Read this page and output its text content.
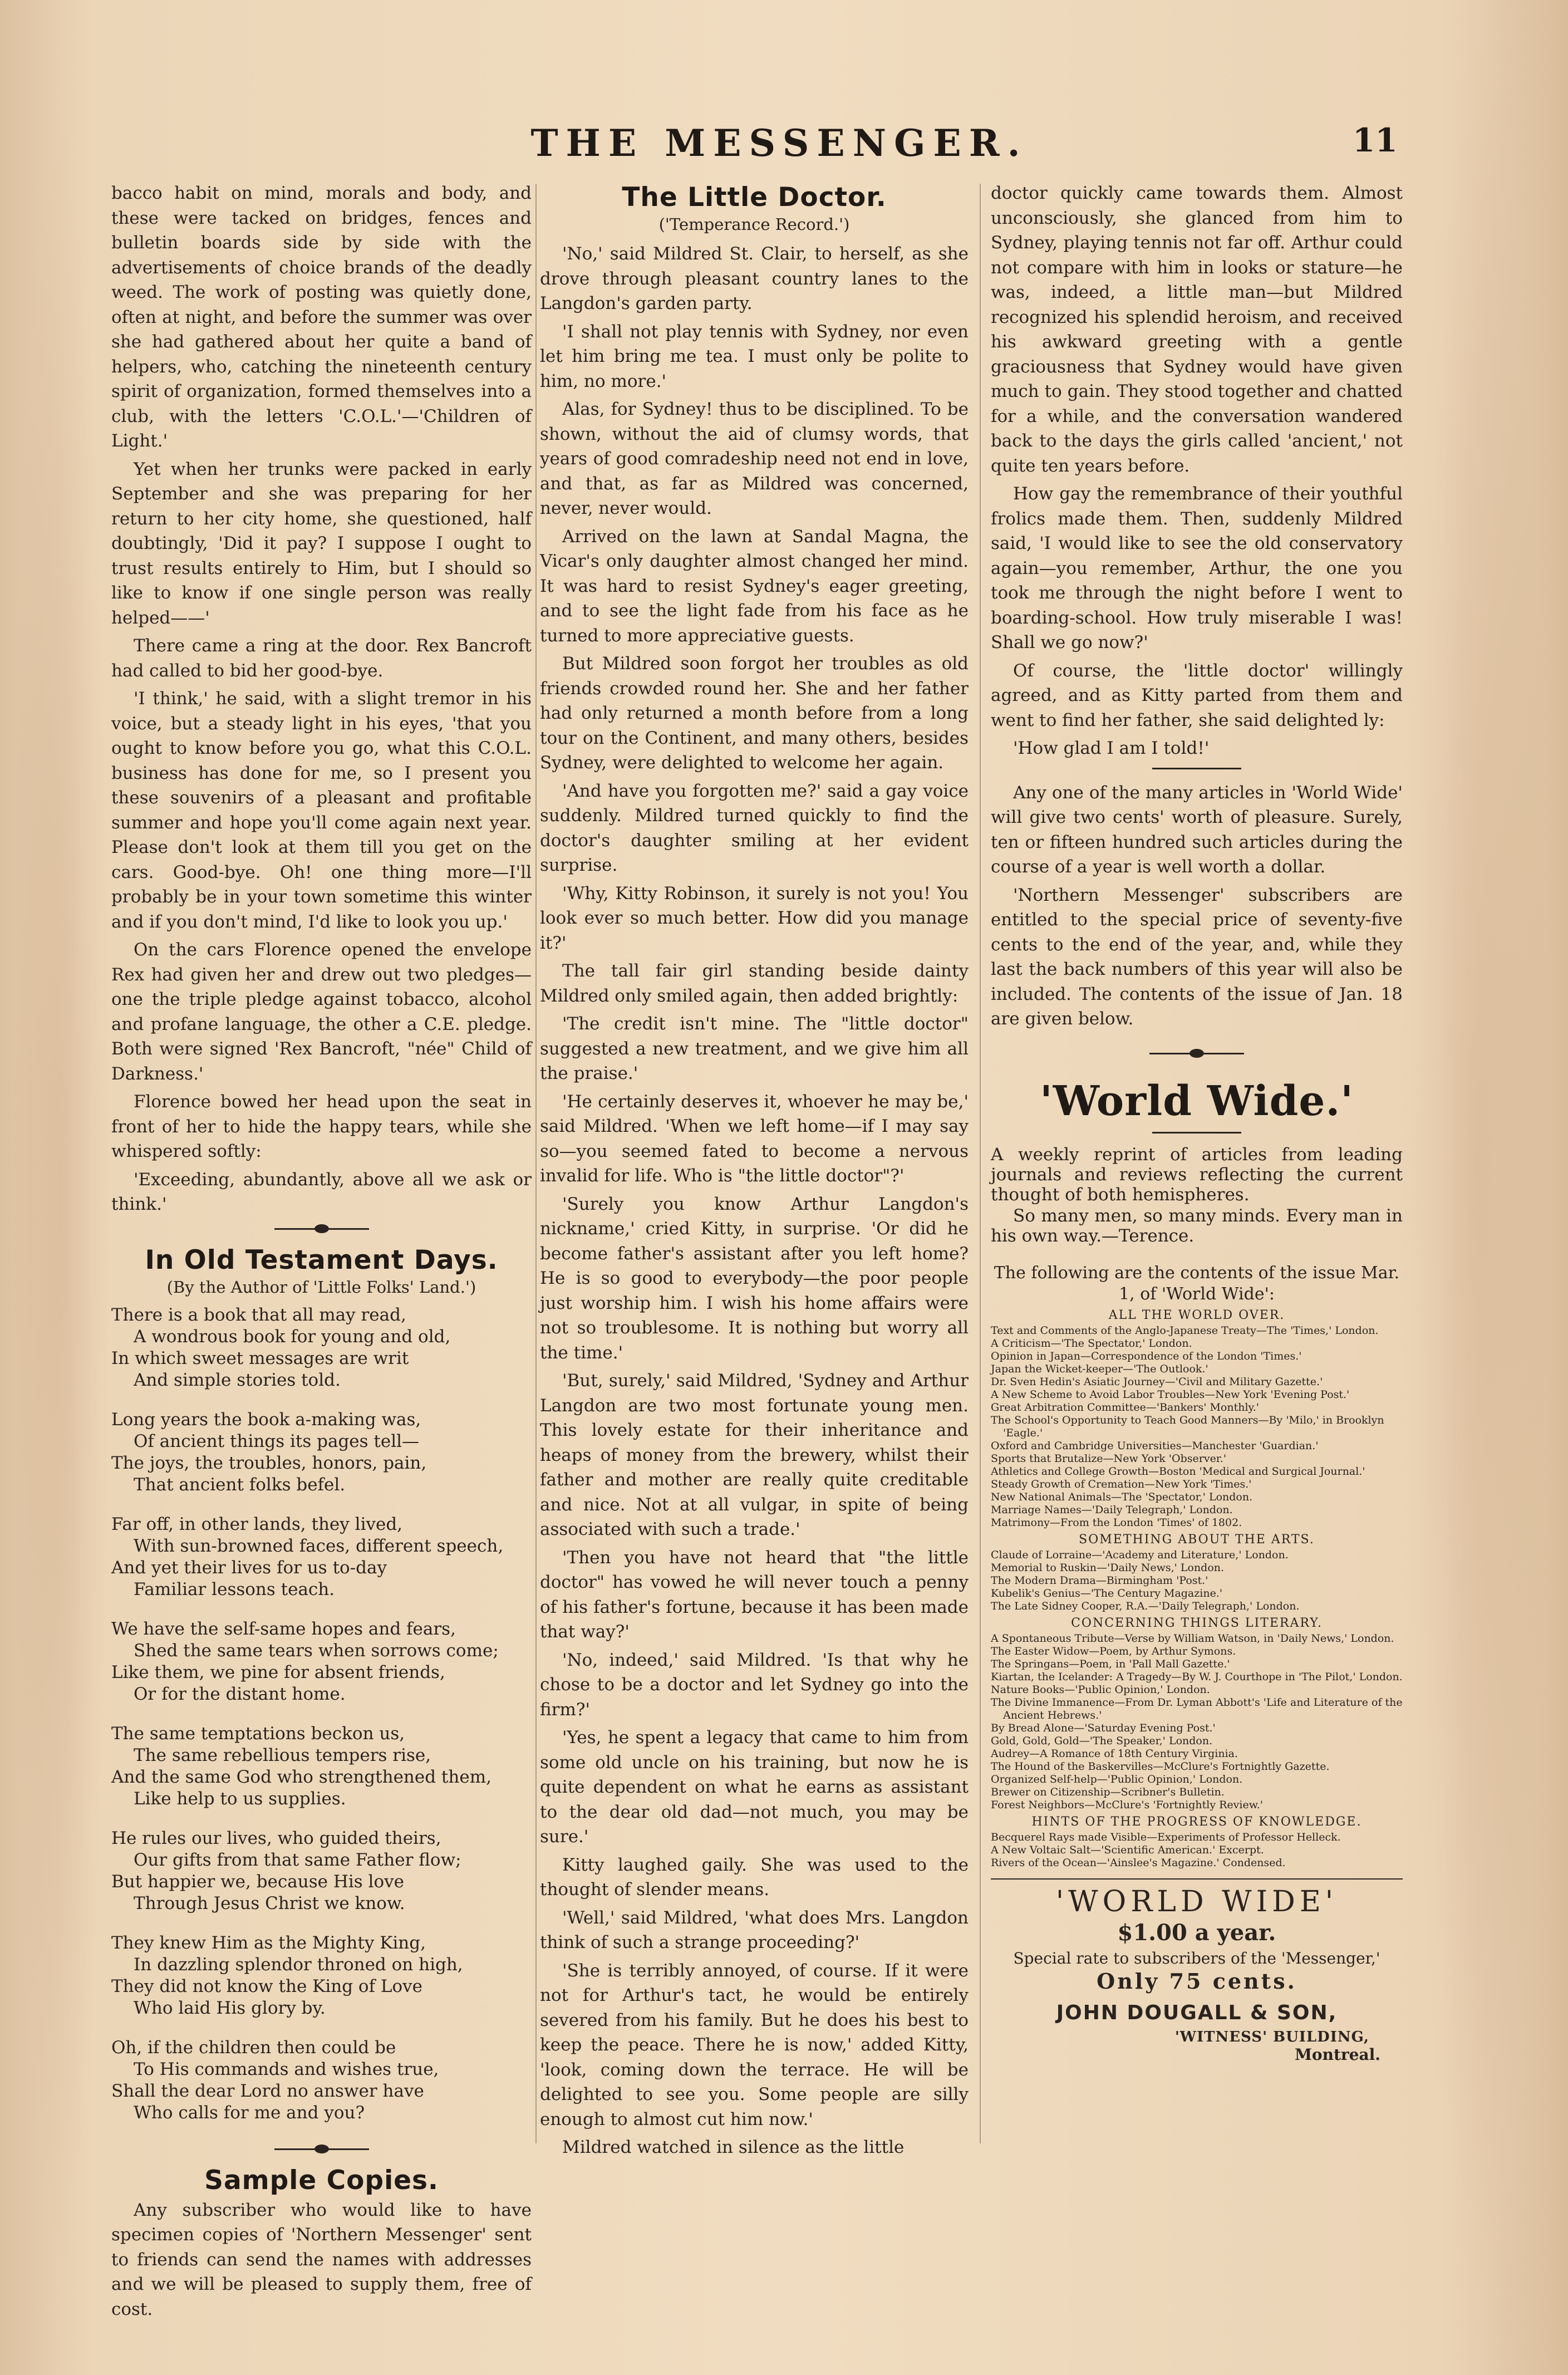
THE MESSENGER.	11

bacco habit on mind, morals and body, and these were tacked on bridges, fences and bulletin boards side by side with the advertisements of choice brands of the deadly weed. The work of posting was quietly done, often at night, and before the summer was over she had gathered about her quite a band of helpers, who, catching the nineteenth century spirit of organization, formed themselves into a club, with the letters 'C.O.L.'—'Children of Light.'

Yet when her trunks were packed in early September and she was preparing for her return to her city home, she questioned, half doubtingly, 'Did it pay? I suppose I ought to trust results entirely to Him, but I should so like to know if one single person was really helped——'

There came a ring at the door. Rex Bancroft had called to bid her good-bye.

'I think,' he said, with a slight tremor in his voice, but a steady light in his eyes, 'that you ought to know before you go, what this C.O.L. business has done for me, so I present you these souvenirs of a pleasant and profitable summer and hope you'll come again next year. Please don't look at them till you get on the cars. Good-bye. Oh! one thing more—I'll probably be in your town sometime this winter and if you don't mind, I'd like to look you up.'

On the cars Florence opened the envelope Rex had given her and drew out two pledges—one the triple pledge against tobacco, alcohol and profane language, the other a C.E. pledge. Both were signed 'Rex Bancroft, "née" Child of Darkness.'

Florence bowed her head upon the seat in front of her to hide the happy tears, while she whispered softly:

'Exceeding, abundantly, above all we ask or think.'

In Old Testament Days.
(By the Author of 'Little Folks' Land.')
There is a book that all may read,
A wondrous book for young and old,
In which sweet messages are writ
And simple stories told.
Long years the book a-making was,
Of ancient things its pages tell—
The joys, the troubles, honors, pain,
That ancient folks befel.
Far off, in other lands, they lived,
With sun-browned faces, different speech,
And yet their lives for us to-day
Familiar lessons teach.
We have the self-same hopes and fears,
Shed the same tears when sorrows come;
Like them, we pine for absent friends,
Or for the distant home.
The same temptations beckon us,
The same rebellious tempers rise,
And the same God who strengthened them,
Like help to us supplies.
He rules our lives, who guided theirs,
Our gifts from that same Father flow;
But happier we, because His love
Through Jesus Christ we know.
They knew Him as the Mighty King,
In dazzling splendor throned on high,
They did not know the King of Love
Who laid His glory by.
Oh, if the children then could be
To His commands and wishes true,
Shall the dear Lord no answer have
Who calls for me and you?
Sample Copies.

Any subscriber who would like to have specimen copies of 'Northern Messenger' sent to friends can send the names with addresses and we will be pleased to supply them, free of cost.

The Little Doctor.
('Temperance Record.')

'No,' said Mildred St. Clair, to herself, as she drove through pleasant country lanes to the Langdon's garden party.

'I shall not play tennis with Sydney, nor even let him bring me tea. I must only be polite to him, no more.'

Alas, for Sydney! thus to be disciplined. To be shown, without the aid of clumsy words, that years of good comradeship need not end in love, and that, as far as Mildred was concerned, never, never would.

Arrived on the lawn at Sandal Magna, the Vicar's only daughter almost changed her mind. It was hard to resist Sydney's eager greeting, and to see the light fade from his face as he turned to more appreciative guests.

But Mildred soon forgot her troubles as old friends crowded round her. She and her father had only returned a month before from a long tour on the Continent, and many others, besides Sydney, were delighted to welcome her again.

'And have you forgotten me?' said a gay voice suddenly. Mildred turned quickly to find the doctor's daughter smiling at her evident surprise.

'Why, Kitty Robinson, it surely is not you! You look ever so much better. How did you manage it?'

The tall fair girl standing beside dainty Mildred only smiled again, then added brightly:

'The credit isn't mine. The "little doctor" suggested a new treatment, and we give him all the praise.'

'He certainly deserves it, whoever he may be,' said Mildred. 'When we left home—if I may say so—you seemed fated to become a nervous invalid for life. Who is "the little doctor"?'

'Surely you know Arthur Langdon's nickname,' cried Kitty, in surprise. 'Or did he become father's assistant after you left home? He is so good to everybody—the poor people just worship him. I wish his home affairs were not so troublesome. It is nothing but worry all the time.'

'But, surely,' said Mildred, 'Sydney and Arthur Langdon are two most fortunate young men. This lovely estate for their inheritance and heaps of money from the brewery, whilst their father and mother are really quite creditable and nice. Not at all vulgar, in spite of being associated with such a trade.'

'Then you have not heard that "the little doctor" has vowed he will never touch a penny of his father's fortune, because it has been made that way?'

'No, indeed,' said Mildred. 'Is that why he chose to be a doctor and let Sydney go into the firm?'

'Yes, he spent a legacy that came to him from some old uncle on his training, but now he is quite dependent on what he earns as assistant to the dear old dad—not much, you may be sure.'

Kitty laughed gaily. She was used to the thought of slender means.

'Well,' said Mildred, 'what does Mrs. Langdon think of such a strange proceeding?'

'She is terribly annoyed, of course. If it were not for Arthur's tact, he would be entirely severed from his family. But he does his best to keep the peace. There he is now,' added Kitty, 'look, coming down the terrace. He will be delighted to see you. Some people are silly enough to almost cut him now.'

Mildred watched in silence as the little

doctor quickly came towards them. Almost unconsciously, she glanced from him to Sydney, playing tennis not far off. Arthur could not compare with him in looks or stature—he was, indeed, a little man—but Mildred recognized his splendid heroism, and received his awkward greeting with a gentle graciousness that Sydney would have given much to gain. They stood together and chatted for a while, and the conversation wandered back to the days the girls called 'ancient,' not quite ten years before.

How gay the remembrance of their youthful frolics made them. Then, suddenly Mildred said, 'I would like to see the old conservatory again—you remember, Arthur, the one you took me through the night before I went to boarding-school. How truly miserable I was! Shall we go now?'

Of course, the 'little doctor' willingly agreed, and as Kitty parted from them and went to find her father, she said delighted ly:

'How glad I am I told!'

Any one of the many articles in 'World Wide' will give two cents' worth of pleasure. Surely, ten or fifteen hundred such articles during the course of a year is well worth a dollar.

'Northern Messenger' subscribers are entitled to the special price of seventy-five cents to the end of the year, and, while they last the back numbers of this year will also be included. The contents of the issue of Jan. 18 are given below.

'World Wide.'

A weekly reprint of articles from leading journals and reviews reflecting the current thought of both hemispheres.

So many men, so many minds. Every man in his own way.—Terence.

The following are the contents of the issue Mar. 1, of 'World Wide':
ALL THE WORLD OVER.
Text and Comments of the Anglo-Japanese Treaty—The 'Times,' London.
A Criticism—'The Spectator,' London.
Opinion in Japan—Correspondence of the London 'Times.'
Japan the Wicket-keeper—'The Outlook.'
Dr. Sven Hedin's Asiatic Journey—'Civil and Military Gazette.'
A New Scheme to Avoid Labor Troubles—New York 'Evening Post.'
Great Arbitration Committee—'Bankers' Monthly.'
The School's Opportunity to Teach Good Manners—By 'Milo,' in Brooklyn 'Eagle.'
Oxford and Cambridge Universities—Manchester 'Guardian.'
Sports that Brutalize—New York 'Observer.'
Athletics and College Growth—Boston 'Medical and Surgical Journal.'
Steady Growth of Cremation—New York 'Times.'
New National Animals—The 'Spectator,' London.
Marriage Names—'Daily Telegraph,' London.
Matrimony—From the London 'Times' of 1802.
SOMETHING ABOUT THE ARTS.
Claude of Lorraine—'Academy and Literature,' London.
Memorial to Ruskin—'Daily News,' London.
The Modern Drama—Birmingham 'Post.'
Kubelik's Genius—'The Century Magazine.'
The Late Sidney Cooper, R.A.—'Daily Telegraph,' London.
CONCERNING THINGS LITERARY.
A Spontaneous Tribute—Verse by William Watson, in 'Daily News,' London.
The Easter Widow—Poem, by Arthur Symons.
The Springans—Poem, in 'Pall Mall Gazette.'
Kiartan, the Icelander: A Tragedy—By W. J. Courthope in 'The Pilot,' London.
Nature Books—'Public Opinion,' London.
The Divine Immanence—From Dr. Lyman Abbott's 'Life and Literature of the Ancient Hebrews.'
By Bread Alone—'Saturday Evening Post.'
Gold, Gold, Gold—'The Speaker,' London.
Audrey—A Romance of 18th Century Virginia.
The Hound of the Baskervilles—McClure's Fortnightly Gazette.
Organized Self-help—'Public Opinion,' London.
Brewer on Citizenship—Scribner's Bulletin.
Forest Neighbors—McClure's 'Fortnightly Review.'
HINTS OF THE PROGRESS OF KNOWLEDGE.
Becquerel Rays made Visible—Experiments of Professor Helleck.
A New Voltaic Salt—'Scientific American.' Excerpt.
Rivers of the Ocean—'Ainslee's Magazine.' Condensed.
'WORLD WIDE'
$1.00 a year.
Special rate to subscribers of the 'Messenger,'
Only 75 cents.
JOHN DOUGALL & SON,
'WITNESS' BUILDING,
Montreal.
